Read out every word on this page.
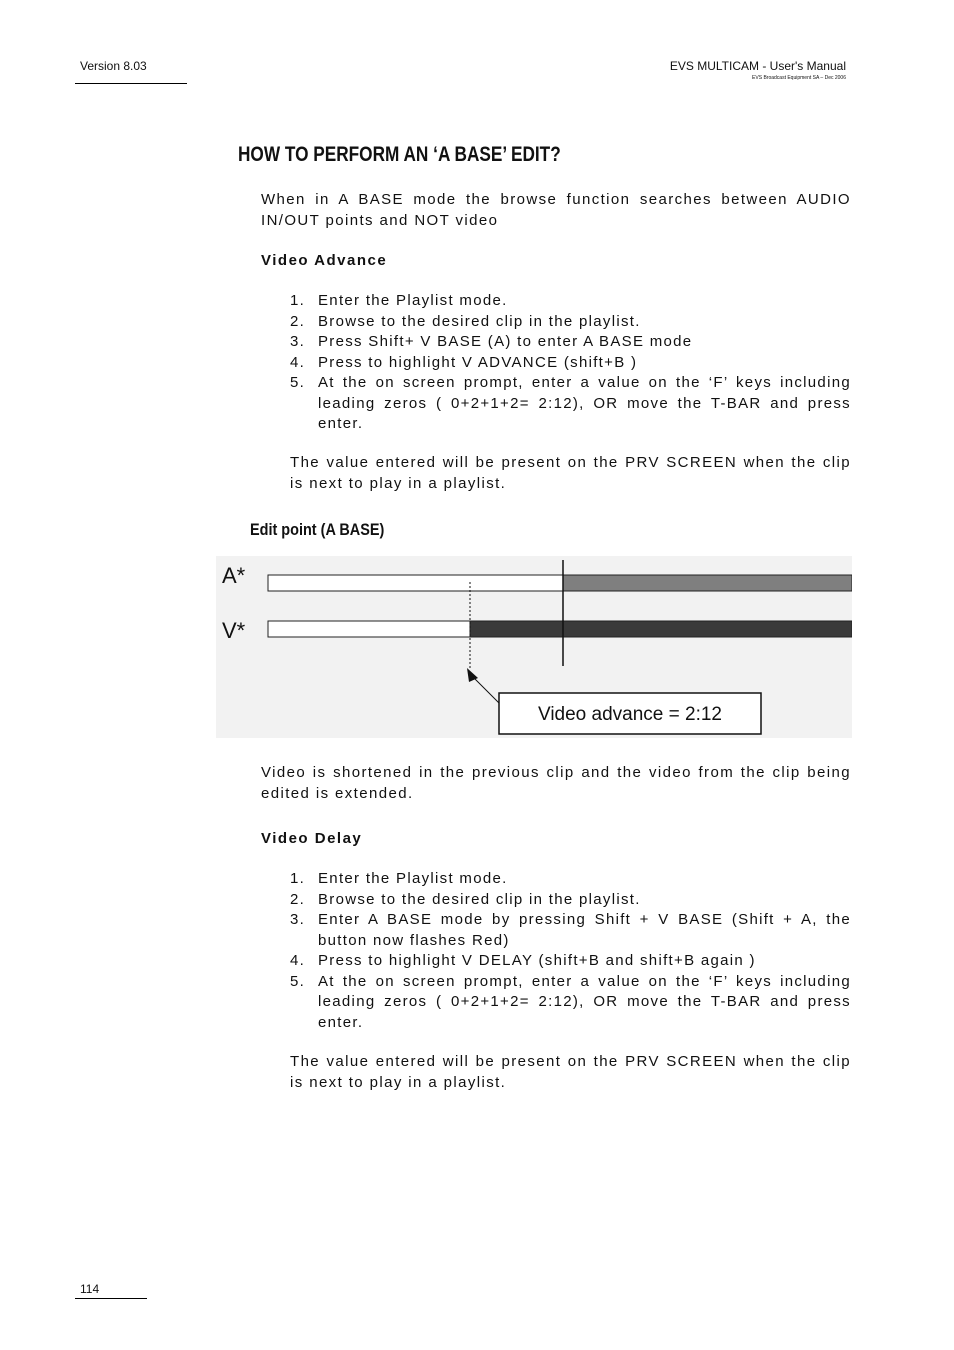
Version 8.03	EVS MULTICAM - User's Manual
EVS Broadcast Equipment SA – Dec 2006
HOW TO PERFORM AN ‘A BASE’ EDIT?
When in A BASE mode the browse function searches between AUDIO IN/OUT points and NOT video
Video Advance
1. Enter the Playlist mode.
2. Browse to the desired clip in the playlist.
3. Press Shift+ V BASE (A) to enter A BASE mode
4. Press to highlight V ADVANCE (shift+B )
5. At the on screen prompt, enter a value on the ‘F’ keys including leading zeros ( 0+2+1+2= 2:12), OR move the T-BAR and press enter.
The value entered will be present on the PRV SCREEN when the clip is next to play in a playlist.
Edit point (A BASE)
A*
V*
Video advance = 2:12
Video is shortened in the previous clip and the video from the clip being edited is extended.
Video Delay
1. Enter the Playlist mode.
2. Browse to the desired clip in the playlist.
3. Enter A BASE mode by pressing Shift + V BASE (Shift + A, the button now flashes Red)
4. Press to highlight V DELAY (shift+B and shift+B again )
5. At the on screen prompt, enter a value on the ‘F’ keys including leading zeros ( 0+2+1+2= 2:12), OR move the T-BAR and press enter.
The value entered will be present on the PRV SCREEN when the clip is next to play in a playlist.
114
